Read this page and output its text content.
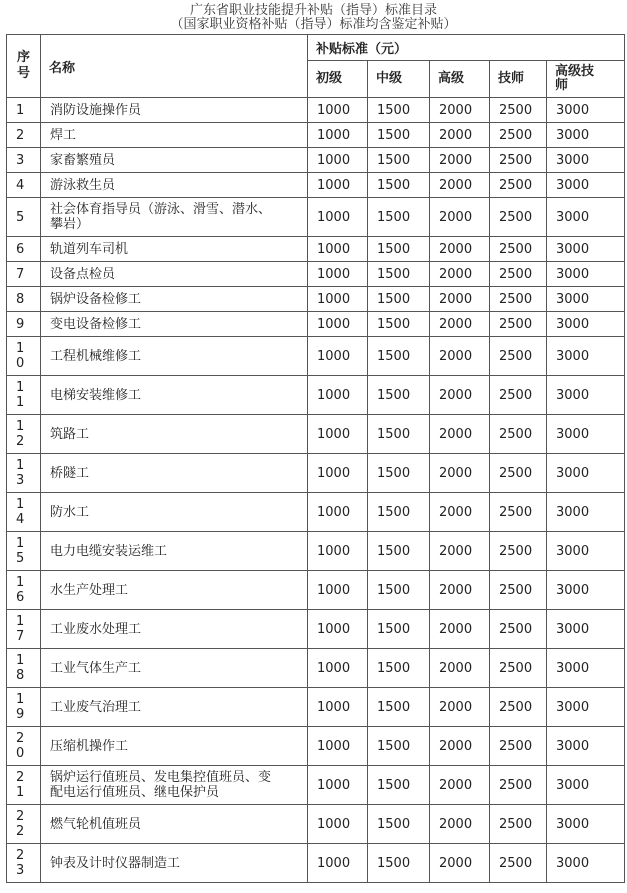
广东省职业技能提升补贴（指导）标准目录
（国家职业资格补贴（指导）标准均含鉴定补贴）
序
号	名称	补贴标准（元）				
		初级	中级	高级	技师	高级技
师
1	消防设施操作员	1000	1500	2000	2500	3000
2	焊工	1000	1500	2000	2500	3000
3	家畜繁殖员	1000	1500	2000	2500	3000
4	游泳救生员	1000	1500	2000	2500	3000
5	社会体育指导员（游泳、滑雪、潜水、
攀岩）	1000	1500	2000	2500	3000
6	轨道列车司机	1000	1500	2000	2500	3000
7	设备点检员	1000	1500	2000	2500	3000
8	锅炉设备检修工	1000	1500	2000	2500	3000
9	变电设备检修工	1000	1500	2000	2500	3000
1
0	工程机械维修工	1000	1500	2000	2500	3000
1
1	电梯安装维修工	1000	1500	2000	2500	3000
1
2	筑路工	1000	1500	2000	2500	3000
1
3	桥隧工	1000	1500	2000	2500	3000
1
4	防水工	1000	1500	2000	2500	3000
1
5	电力电缆安装运维工	1000	1500	2000	2500	3000
1
6	水生产处理工	1000	1500	2000	2500	3000
1
7	工业废水处理工	1000	1500	2000	2500	3000
1
8	工业气体生产工	1000	1500	2000	2500	3000
1
9	工业废气治理工	1000	1500	2000	2500	3000
2
0	压缩机操作工	1000	1500	2000	2500	3000
2
1	锅炉运行值班员、发电集控值班员、变
配电运行值班员、继电保护员	1000	1500	2000	2500	3000
2
2	燃气轮机值班员	1000	1500	2000	2500	3000
2
3	钟表及计时仪器制造工	1000	1500	2000	2500	3000
